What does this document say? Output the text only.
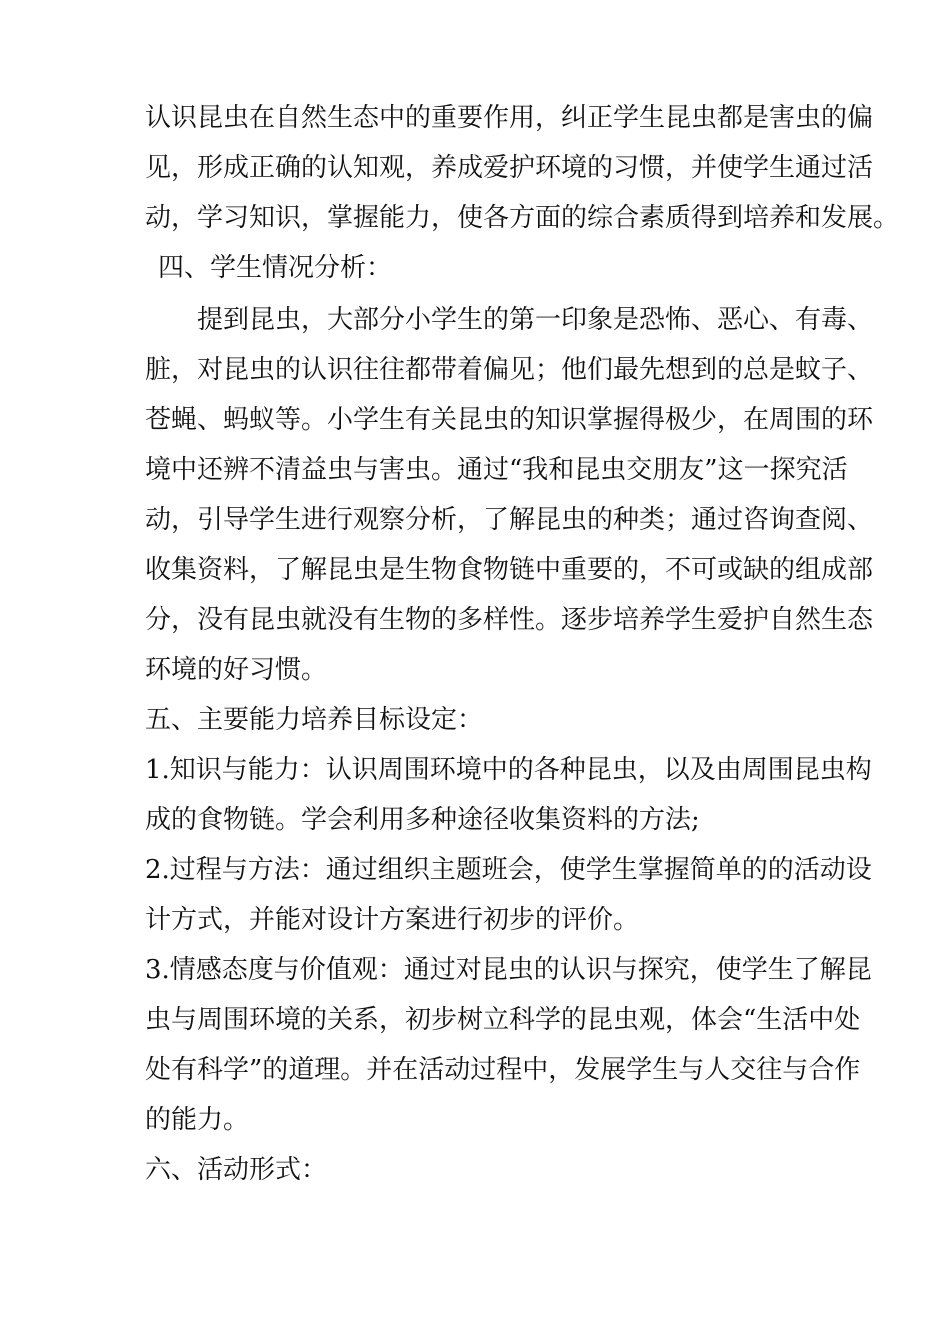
认识昆虫在自然生态中的重要作用，纠正学生昆虫都是害虫的偏
见，形成正确的认知观，养成爱护环境的习惯，并使学生通过活
动，学习知识，掌握能力，使各方面的综合素质得到培养和发展。
四、学生情况分析：
提到昆虫，大部分小学生的第一印象是恐怖、恶心、有毒、
脏，对昆虫的认识往往都带着偏见；他们最先想到的总是蚊子、
苍蝇、蚂蚁等。小学生有关昆虫的知识掌握得极少，在周围的环
境中还辨不清益虫与害虫。通过“我和昆虫交朋友”这一探究活
动，引导学生进行观察分析，了解昆虫的种类；通过咨询查阅、
收集资料，了解昆虫是生物食物链中重要的，不可或缺的组成部
分，没有昆虫就没有生物的多样性。逐步培养学生爱护自然生态
环境的好习惯。
五、主要能力培养目标设定：
1.知识与能力：认识周围环境中的各种昆虫，以及由周围昆虫构
成的食物链。学会利用多种途径收集资料的方法;
2.过程与方法：通过组织主题班会，使学生掌握简单的的活动设
计方式，并能对设计方案进行初步的评价。
3.情感态度与价值观：通过对昆虫的认识与探究，使学生了解昆
虫与周围环境的关系，初步树立科学的昆虫观，体会“生活中处
处有科学”的道理。并在活动过程中，发展学生与人交往与合作
的能力。
六、活动形式：
